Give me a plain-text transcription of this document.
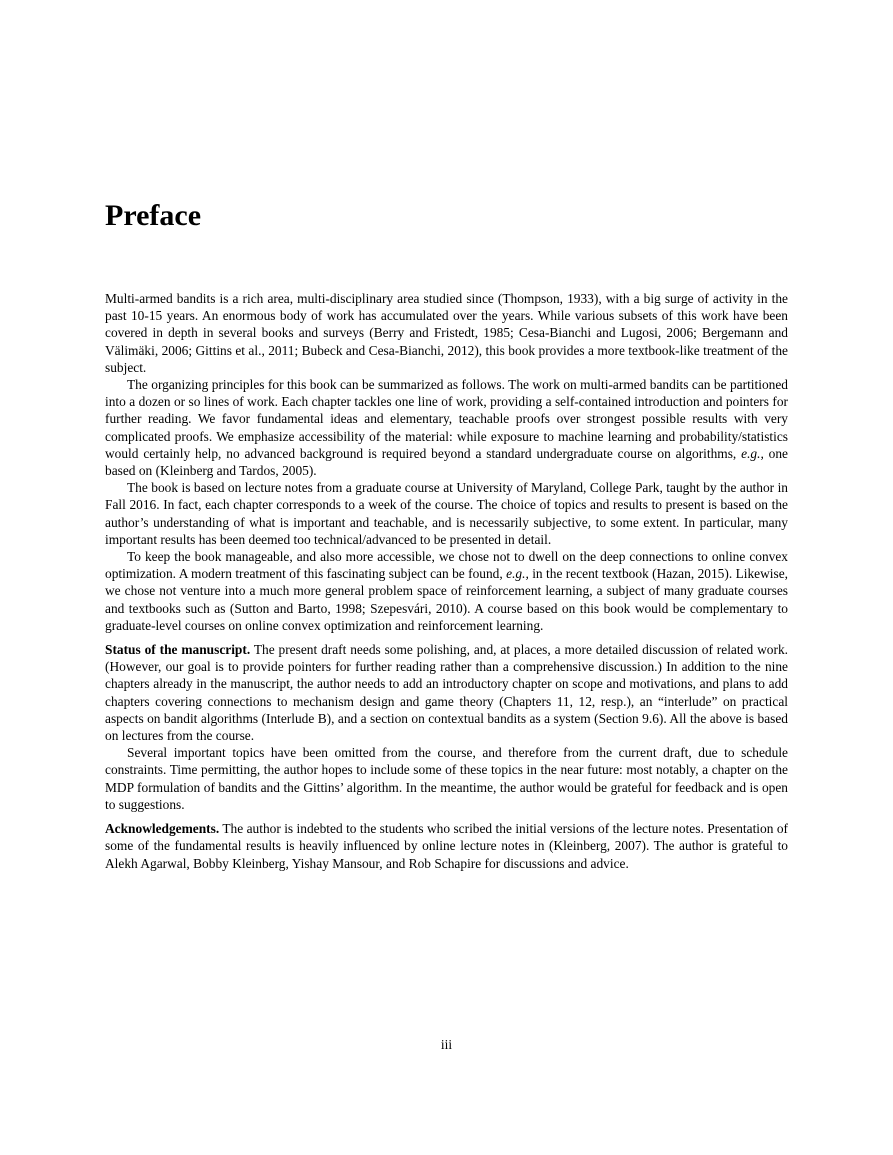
Preface

Multi-armed bandits is a rich area, multi-disciplinary area studied since (Thompson, 1933), with a big surge of activity in the past 10-15 years. An enormous body of work has accumulated over the years. While various subsets of this work have been covered in depth in several books and surveys (Berry and Fristedt, 1985; Cesa-Bianchi and Lugosi, 2006; Bergemann and Välimäki, 2006; Gittins et al., 2011; Bubeck and Cesa-Bianchi, 2012), this book provides a more textbook-like treatment of the subject.

The organizing principles for this book can be summarized as follows. The work on multi-armed bandits can be partitioned into a dozen or so lines of work. Each chapter tackles one line of work, providing a self-contained introduction and pointers for further reading. We favor fundamental ideas and elementary, teachable proofs over strongest possible results with very complicated proofs. We emphasize accessibility of the material: while exposure to machine learning and probability/statistics would certainly help, no advanced background is required beyond a standard undergraduate course on algorithms, e.g., one based on (Kleinberg and Tardos, 2005).

The book is based on lecture notes from a graduate course at University of Maryland, College Park, taught by the author in Fall 2016. In fact, each chapter corresponds to a week of the course. The choice of topics and results to present is based on the author’s understanding of what is important and teachable, and is necessarily subjective, to some extent. In particular, many important results has been deemed too technical/advanced to be presented in detail.

To keep the book manageable, and also more accessible, we chose not to dwell on the deep connections to online convex optimization. A modern treatment of this fascinating subject can be found, e.g., in the recent textbook (Hazan, 2015). Likewise, we chose not venture into a much more general problem space of reinforcement learning, a subject of many graduate courses and textbooks such as (Sutton and Barto, 1998; Szepesvári, 2010). A course based on this book would be complementary to graduate-level courses on online convex optimization and reinforcement learning.

Status of the manuscript. The present draft needs some polishing, and, at places, a more detailed discussion of related work. (However, our goal is to provide pointers for further reading rather than a comprehensive discussion.) In addition to the nine chapters already in the manuscript, the author needs to add an introductory chapter on scope and motivations, and plans to add chapters covering connections to mechanism design and game theory (Chapters 11, 12, resp.), an “interlude” on practical aspects on bandit algorithms (Interlude B), and a section on contextual bandits as a system (Section 9.6). All the above is based on lectures from the course.

Several important topics have been omitted from the course, and therefore from the current draft, due to schedule constraints. Time permitting, the author hopes to include some of these topics in the near future: most notably, a chapter on the MDP formulation of bandits and the Gittins’ algorithm. In the meantime, the author would be grateful for feedback and is open to suggestions.

Acknowledgements. The author is indebted to the students who scribed the initial versions of the lecture notes. Presentation of some of the fundamental results is heavily influenced by online lecture notes in (Kleinberg, 2007). The author is grateful to Alekh Agarwal, Bobby Kleinberg, Yishay Mansour, and Rob Schapire for discussions and advice.

iii
